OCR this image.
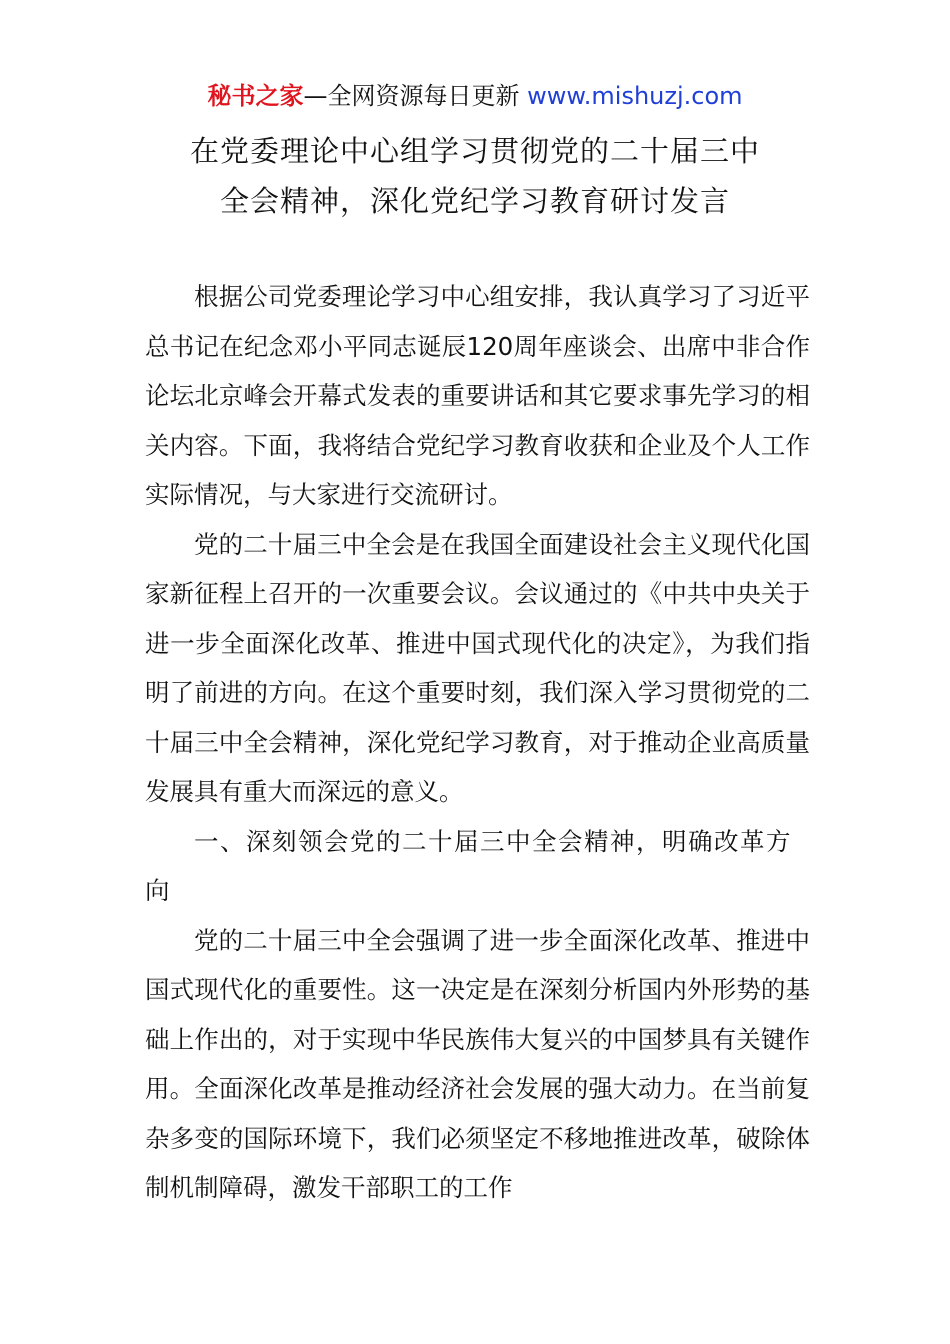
秘书之家—全网资源每日更新 www.mishuzj.com
在党委理论中心组学习贯彻党的二十届三中
全会精神，深化党纪学习教育研讨发言

根据公司党委理论学习中心组安排，我认真学习了习近平总书记在纪念邓小平同志诞辰120周年座谈会、出席中非合作论坛北京峰会开幕式发表的重要讲话和其它要求事先学习的相关内容。下面，我将结合党纪学习教育收获和企业及个人工作实际情况，与大家进行交流研讨。

党的二十届三中全会是在我国全面建设社会主义现代化国家新征程上召开的一次重要会议。会议通过的《中共中央关于进一步全面深化改革、推进中国式现代化的决定》，为我们指明了前进的方向。在这个重要时刻，我们深入学习贯彻党的二十届三中全会精神，深化党纪学习教育，对于推动企业高质量发展具有重大而深远的意义。

一、深刻领会党的二十届三中全会精神，明确改革方向

党的二十届三中全会强调了进一步全面深化改革、推进中国式现代化的重要性。这一决定是在深刻分析国内外形势的基础上作出的，对于实现中华民族伟大复兴的中国梦具有关键作用。全面深化改革是推动经济社会发展的强大动力。在当前复杂多变的国际环境下，我们必须坚定不移地推进改革，破除体制机制障碍，激发干部职工的工作
